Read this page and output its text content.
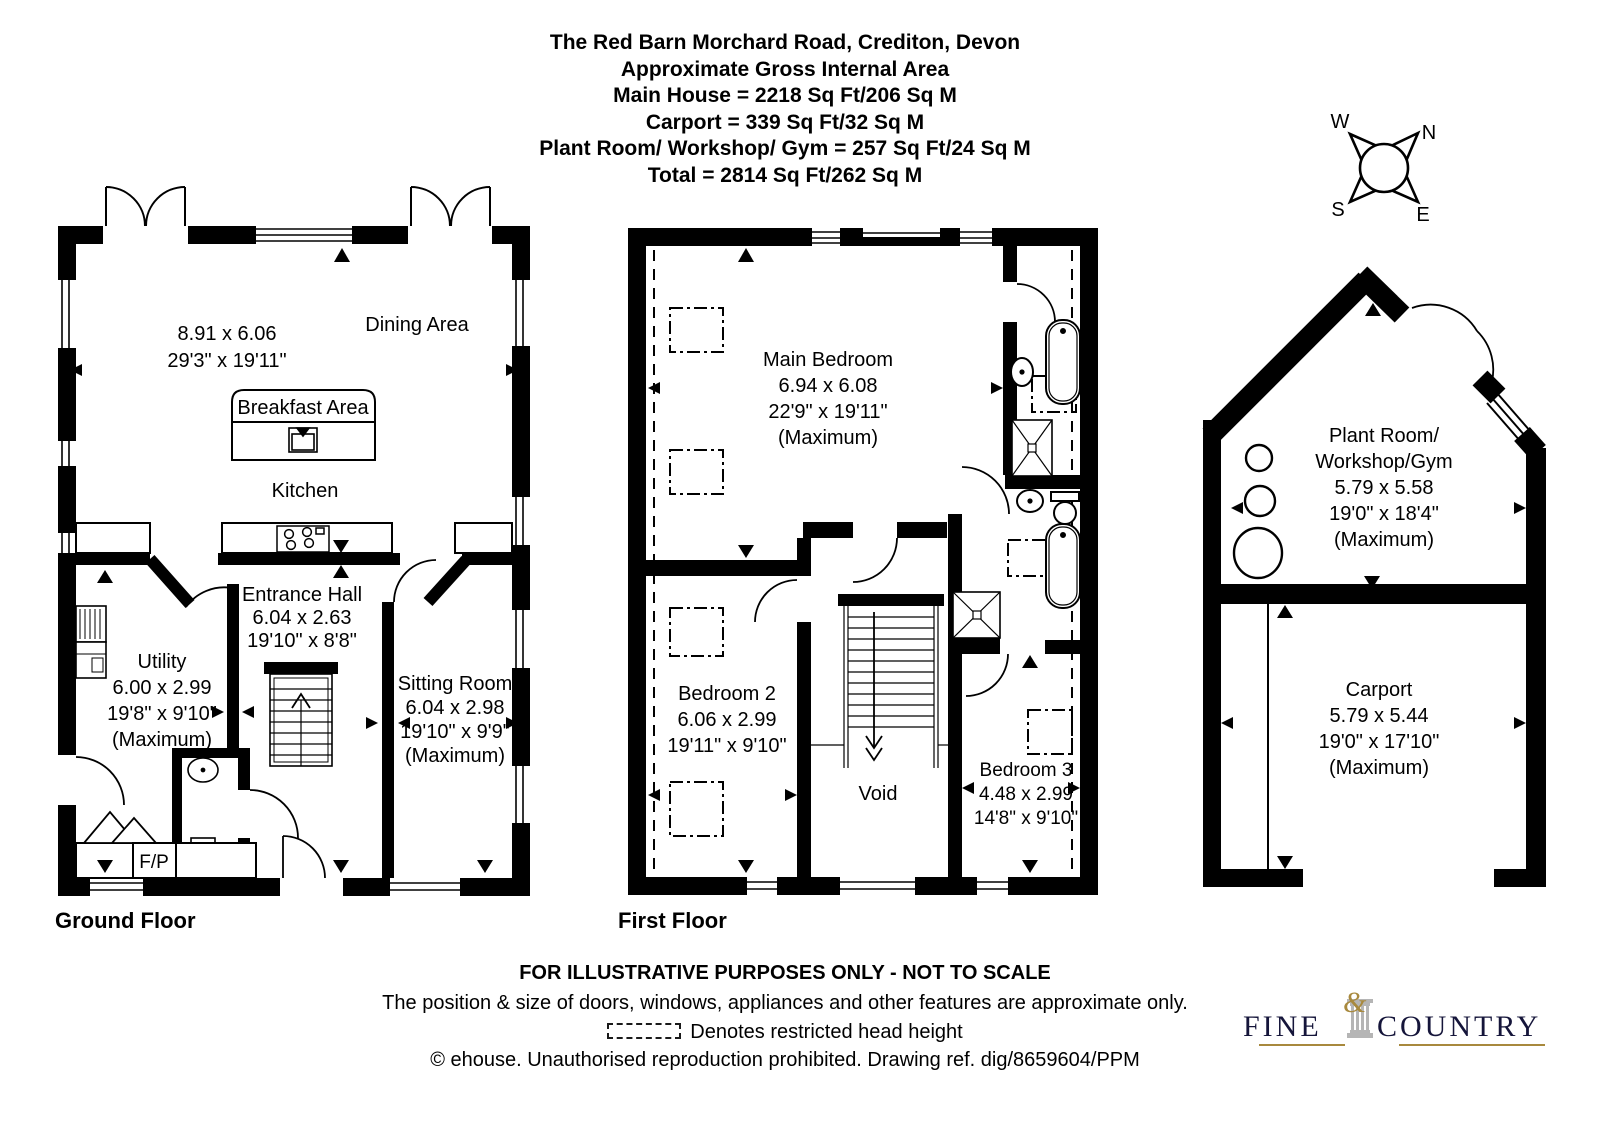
The Red Barn Morchard Road, Crediton, Devon
Approximate Gross Internal Area
Main House = 2218 Sq Ft/206 Sq M
Carport = 339 Sq Ft/32 Sq M
Plant Room/ Workshop/ Gym = 257 Sq Ft/24 Sq M
Total = 2814 Sq Ft/262 Sq M
W	N
S	E
F/P
8.91 x 6.06
29'3" x 19'11"
Dining Area
Breakfast Area
Kitchen
Entrance Hall
6.04 x 2.63
19'10" x 8'8"
Utility
6.00 x 2.99
19'8" x 9'10"
(Maximum)
Sitting Room
6.04 x 2.98
19'10" x 9'9"
(Maximum)
Main Bedroom
6.94 x 6.08
22'9" x 19'11"
(Maximum)
Bedroom 2
6.06 x 2.99
19'11" x 9'10"
Bedroom 3
4.48 x 2.99
14'8" x 9'10"
Void
Plant Room/
Workshop/Gym
5.79 x 5.58
19'0" x 18'4"
(Maximum)
Carport
5.79 x 5.44
19'0" x 17'10"
(Maximum)
Ground Floor	First Floor
FOR ILLUSTRATIVE PURPOSES ONLY - NOT TO SCALE
The position & size of doors, windows, appliances and other features are approximate only.
Denotes restricted head height
© ehouse. Unauthorised reproduction prohibited. Drawing ref. dig/8659604/PPM
FINE
&
COUNTRY
